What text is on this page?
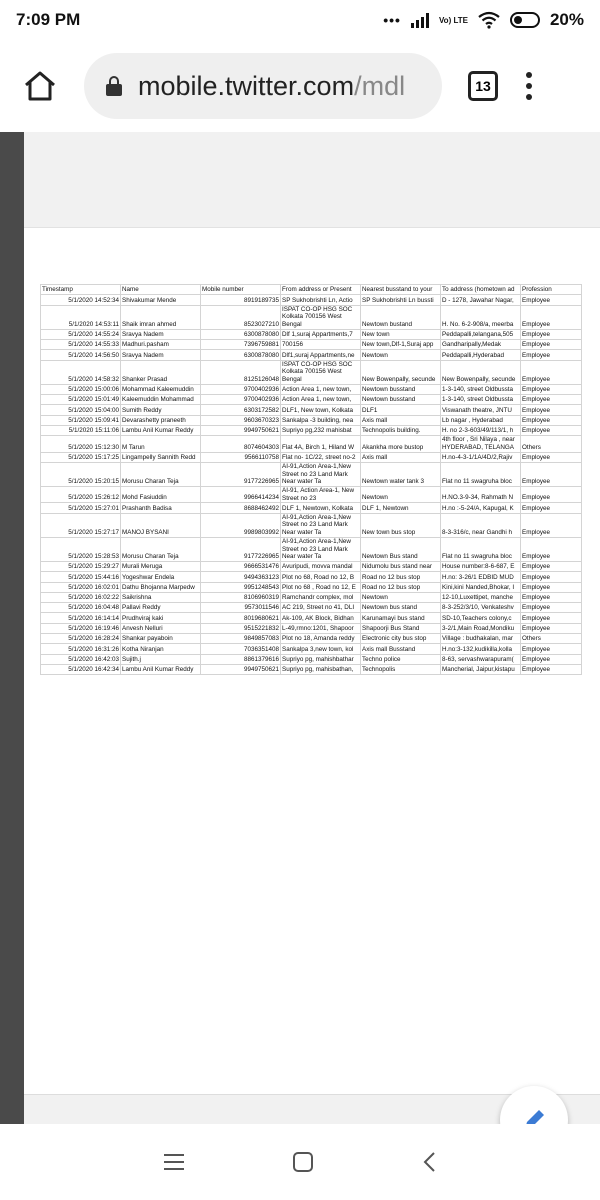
7:09 PM	•••	Vo) LTE	20%
mobile.twitter.com/mdl	13
Timestamp	Name	Mobile number	From address or Present	Nearest busstand to your	To address (hometown ad	Profession
5/1/2020 14:52:34	Shivakumar Mende	8919189735	SP Sukhobrishti Ln, Actio	SP Sukhobrishti Ln bussti	D - 1278, Jawahar Nagar,	Employee
5/1/2020 14:53:11	Shaik imran ahmed	8523027210	ISPAT CO-OP HSG SOC Kolkata 700156 West Bengal	Newtown bustand	H. No. 6-2-908/a, meerba	Employee
5/1/2020 14:55:24	Sravya Nadem	6300878080	Dlf 1,suraj Appartments,7	New town	Peddapalli,telangana,505	Employee
5/1/2020 14:55:33	Madhuri.pasham	7396759881	700156	New town,Dlf-1,Suraj app	Gandharipally,Medak	Employee
5/1/2020 14:56:50	Sravya Nadem	6300878080	Dlf1,suraj Appartments,ne	Newtown	Peddapalli,Hyderabad	Employee
5/1/2020 14:58:32	Shanker Prasad	8125126048	ISPAT CO-OP HSG SOC Kolkata 700156 West Bengal	New Bowenpally, secunde	New Bowenpally, secunde	Employee
5/1/2020 15:00:06	Mohammad Kaleemuddin	9700402936	Action Area 1, new town,	Newtown busstand	1-3-140, street Oldbussta	Employee
5/1/2020 15:01:49	Kaleemuddin Mohammad	9700402936	Action Area 1, new town,	Newtown busstand	1-3-140, street Oldbussta	Employee
5/1/2020 15:04:00	Sumith Reddy	6303172582	DLF1, New town, Kolkata	DLF1	Viswanath theatre, JNTU	Employee
5/1/2020 15:09:41	Devarashetty praneeth	9603670323	Sankalpa -3 building, nea	Axis mall	Lb nagar , Hyderabad	Employee
5/1/2020 15:11:06	Lambu Anil Kumar Reddy	9949750621	Supriyo pg,232 mahisbat	Technopolis building.	H. no 2-3-603/49/113/1, h	Employee
5/1/2020 15:12:30	M Tarun	8074604303	Flat 4A, Birch 1, Hiland W	Akankha more bustop	4th floor , Sri Nilaya , near HYDERABAD, TELANGA	Others
5/1/2020 15:17:25	Lingampelly Sannith Redd	9566110758	Flat no- 1C/22, street no-2	Axis mall	H.no-4-3-1/1A/4D/2,Rajiv	Employee
5/1/2020 15:20:15	Morusu Charan Teja	9177226965	AI-91,Action Area-1,New Street no 23 Land Mark Near water Ta	Newtown water tank 3	Flat no 11 swagruha bloc	Employee
5/1/2020 15:26:12	Mohd Fasiuddin	9966414234	AI-91, Action Area-1, New Street no 23	Newtown	H.NO.3-9-34, Rahmath N	Employee
5/1/2020 15:27:01	Prashanth Badisa	8688462492	DLF 1, Newtown, Kolkata	DLF 1, Newtown	H.no :-5-24/A, Kapugal, K	Employee
5/1/2020 15:27:17	MANOJ BYSANI	9989803992	AI-91,Action Area-1,New Street no 23 Land Mark Near water Ta	New town bus stop	8-3-316/c, near Gandhi h	Employee
5/1/2020 15:28:53	Morusu Charan Teja	9177226965	AI-91,Action Area-1,New Street no 23 Land Mark Near water Ta	Newtown Bus stand	Flat no 11 swagruha bloc	Employee
5/1/2020 15:29:27	Murali Meruga	9666531476	Avuripudi, movva mandal	Nidumolu bus stand near	House number:8-6-687, E	Employee
5/1/2020 15:44:16	Yogeshwar Endela	9494363123	Plot no 68, Road no 12, B	Road no 12 bus stop	H.no: 3-26/1 EDBID MUD	Employee
5/1/2020 16:02:01	Dathu Bhojanna Marpedw	9951248543	Plot no 68 , Road no 12, E	Road no 12 bus stop	Kini,kini Nanded,Bhokar, I	Employee
5/1/2020 16:02:22	Saikrishna	8106960319	Ramchandr complex, mol	Newtown	12-10,Luxettipet, manche	Employee
5/1/2020 16:04:48	Pallavi Reddy	9573011546	AC 219, Street no 41, DLI	Newtown bus stand	8-3-252/3/10, Venkateshv	Employee
5/1/2020 16:14:14	Prudhviraj kaki	8019680621	Ak-109, AK Block, Bidhan	Karunamayi bus stand	SD-10,Teachers colony,c	Employee
5/1/2020 16:19:46	Anvesh Nelluri	9515221832	L-49,rmno:1201, Shapoor	Shapoorji Bus Stand	3-2/1,Main Road,Mondiku	Employee
5/1/2020 16:28:24	Shankar payaboin	9849857083	Plot no 18, Amanda reddy	Electronic city bus stop	Village : budhakalan, mar	Others
5/1/2020 16:31:26	Kotha Niranjan	7036351408	Sankalpa 3,new town, kol	Axis mall Busstand	H.no:3-132,kudikilla,kolla	Employee
5/1/2020 16:42:03	Sujith.j	8861379616	Supriyo pg, mahishbathar	Techno police	8-63, servashwarapuram(	Employee
5/1/2020 16:42:34	Lambu Anil Kumar Reddy	9949750621	Supriyo pg, mahisbathan,	Technopolis	Mancherial, Jaipur,kistapu	Employee
